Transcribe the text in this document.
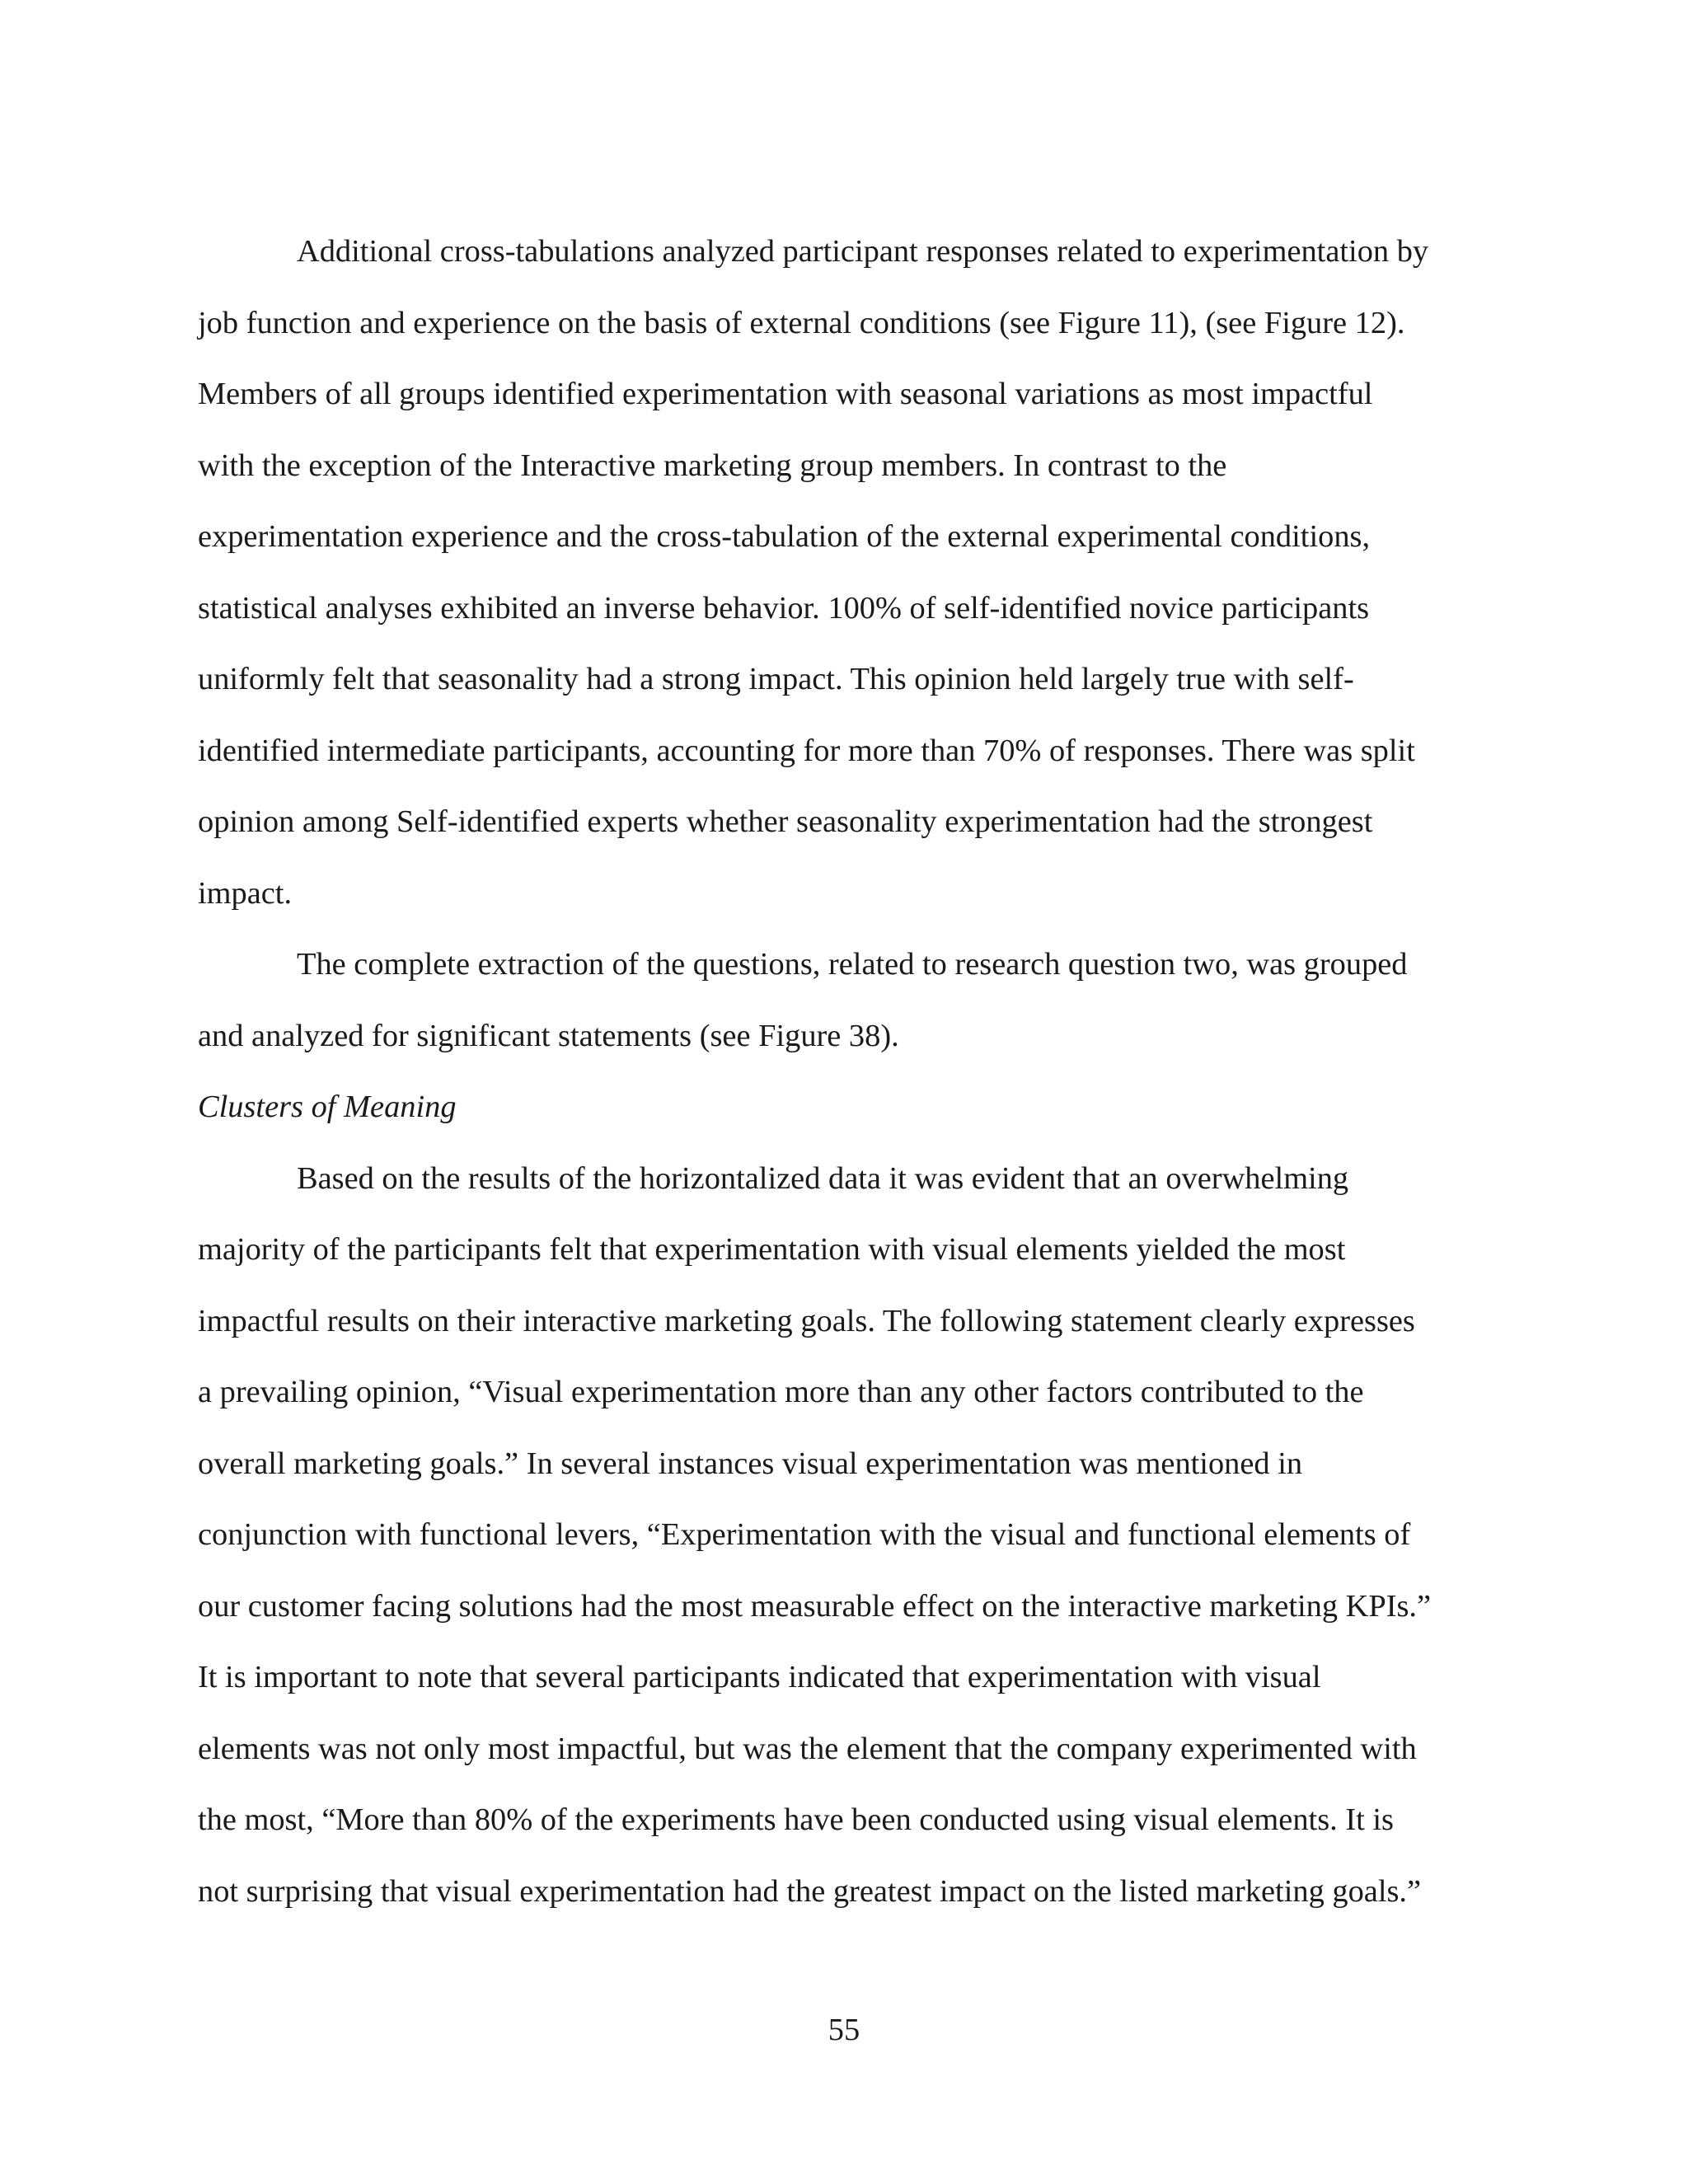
Additional cross-tabulations analyzed participant responses related to experimentation by
job function and experience on the basis of external conditions (see Figure 11), (see Figure 12).
Members of all groups identified experimentation with seasonal variations as most impactful
with the exception of the Interactive marketing group members. In contrast to the
experimentation experience and the cross-tabulation of the external experimental conditions,
statistical analyses exhibited an inverse behavior. 100% of self-identified novice participants
uniformly felt that seasonality had a strong impact. This opinion held largely true with self-
identified intermediate participants, accounting for more than 70% of responses. There was split
opinion among Self-identified experts whether seasonality experimentation had the strongest
impact.
The complete extraction of the questions, related to research question two, was grouped
and analyzed for significant statements (see Figure 38).
Clusters of Meaning
Based on the results of the horizontalized data it was evident that an overwhelming
majority of the participants felt that experimentation with visual elements yielded the most
impactful results on their interactive marketing goals. The following statement clearly expresses
a prevailing opinion, “Visual experimentation more than any other factors contributed to the
overall marketing goals.” In several instances visual experimentation was mentioned in
conjunction with functional levers, “Experimentation with the visual and functional elements of
our customer facing solutions had the most measurable effect on the interactive marketing KPIs.”
It is important to note that several participants indicated that experimentation with visual
elements was not only most impactful, but was the element that the company experimented with
the most, “More than 80% of the experiments have been conducted using visual elements. It is
not surprising that visual experimentation had the greatest impact on the listed marketing goals.”
55
